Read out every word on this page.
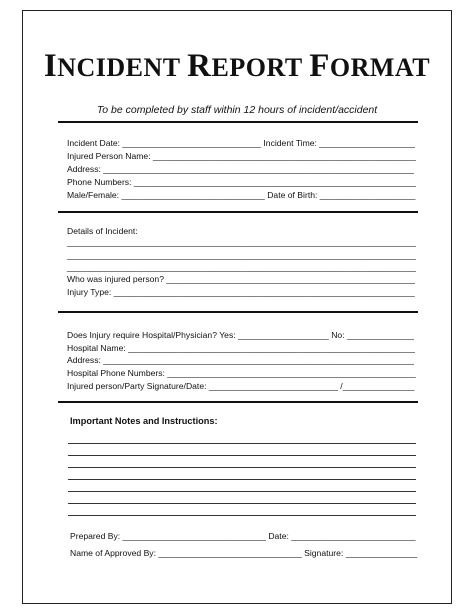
INCIDENT REPORT FORMAT
To be completed by staff within 12 hours of incident/accident
Incident Date: _____________________________ Incident Time: ____________________
Injured Person Name: _______________________________________________________
Address: _________________________________________________________________
Phone Numbers: ___________________________________________________________
Male/Female: ______________________________ Date of Birth: ____________________
Details of Incident:
_________________________________________________________________________
_________________________________________________________________________
_________________________________________________________________________
Who was injured person? ____________________________________________________
Injury Type: _______________________________________________________________
Does Injury require Hospital/Physician? Yes: ___________________ No: ______________
Hospital Name: ____________________________________________________________
Address: _________________________________________________________________
Hospital Phone Numbers: ____________________________________________________
Injured person/Party Signature/Date: ___________________________ /_______________
Important Notes and Instructions:
Prepared By: ______________________________ Date: __________________________
Name of Approved By: ______________________________ Signature: _______________
